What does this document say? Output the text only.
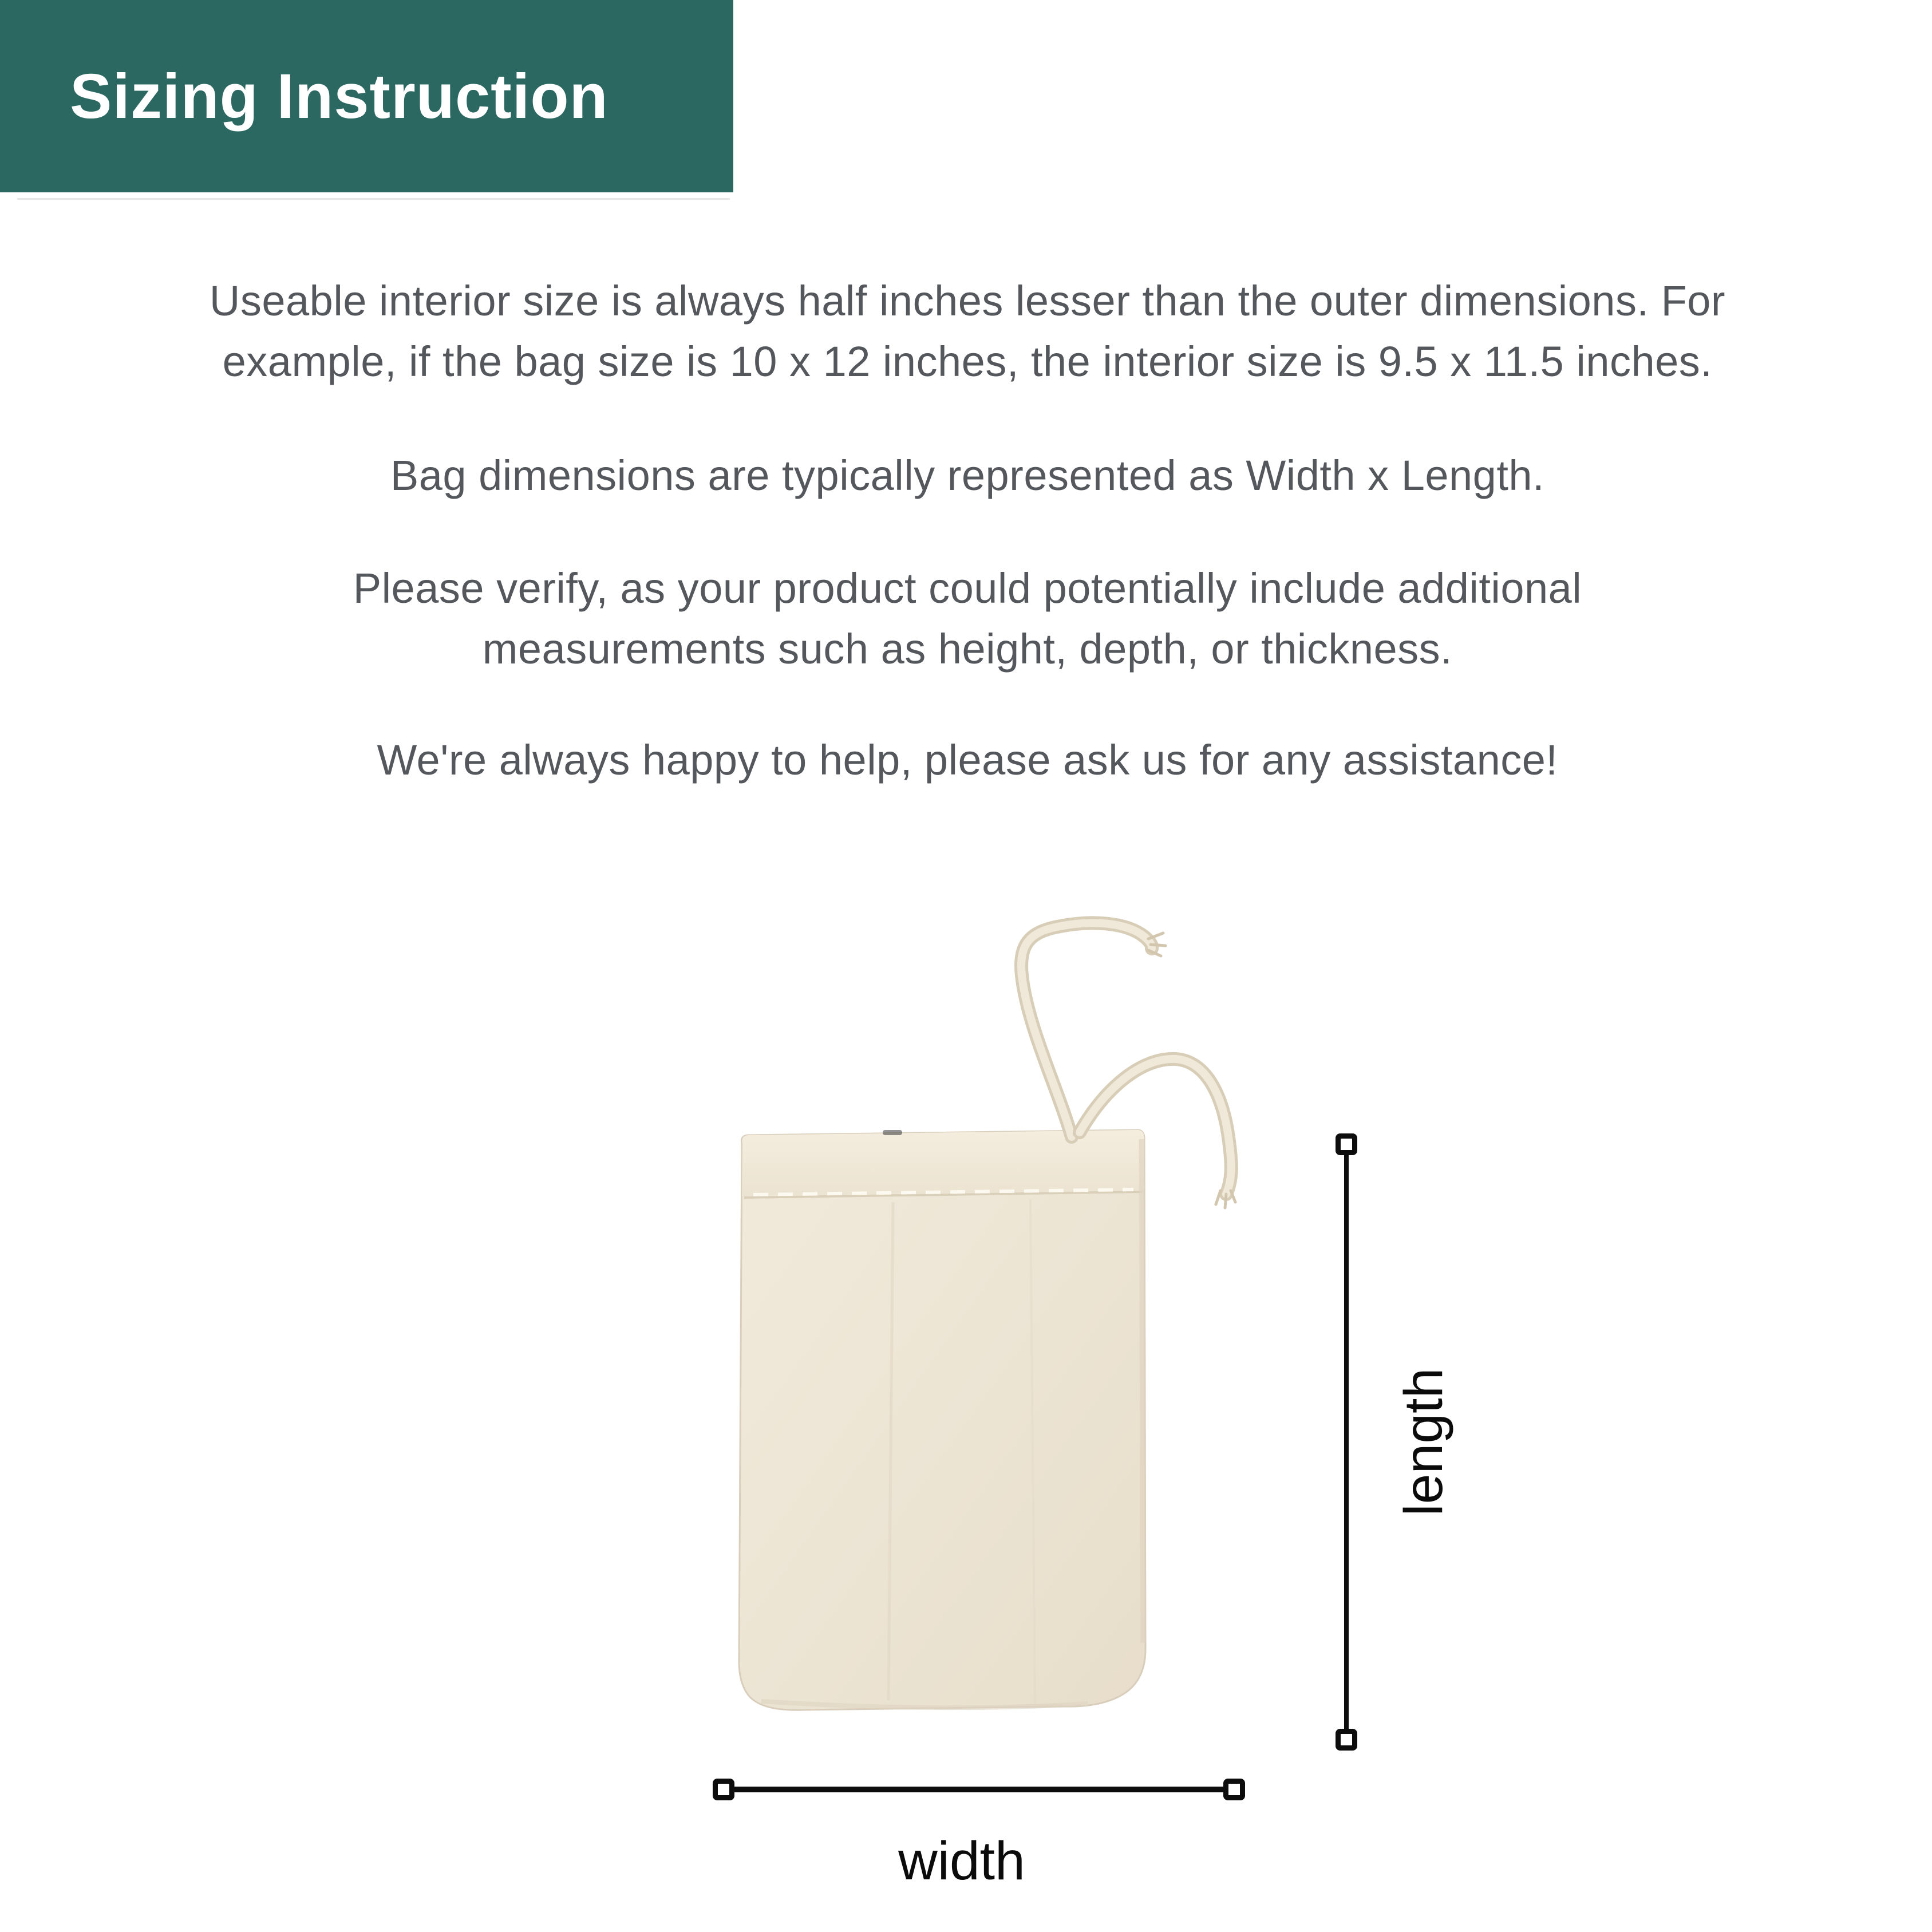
Sizing Instruction
Useable interior size is always half inches lesser than the outer dimensions. For
example, if the bag size is 10 x 12 inches, the interior size is 9.5 x 11.5 inches.
Bag dimensions are typically represented as Width x Length.
Please verify, as your product could potentially include additional
measurements such as height, depth, or thickness.
We're always happy to help, please ask us for any assistance!
length
width
